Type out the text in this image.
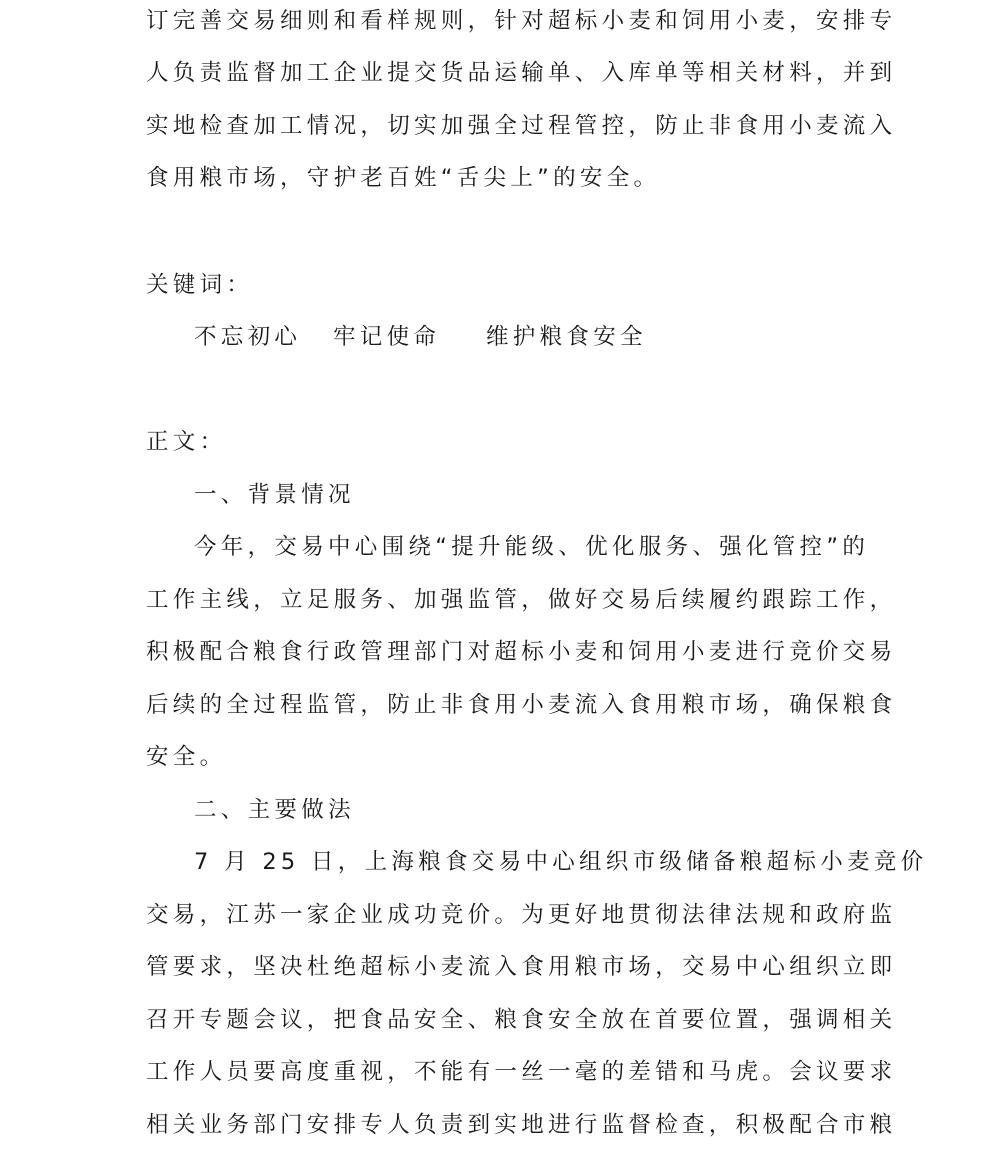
订完善交易细则和看样规则，针对超标小麦和饲用小麦，安排专
人负责监督加工企业提交货品运输单、入库单等相关材料，并到
实地检查加工情况，切实加强全过程管控，防止非食用小麦流入
食用粮市场，守护老百姓“舌尖上”的安全。
关键词：
不忘初心 牢记使命 维护粮食安全
正文：
一、背景情况
今年，交易中心围绕“提升能级、优化服务、强化管控”的
工作主线，立足服务、加强监管，做好交易后续履约跟踪工作，
积极配合粮食行政管理部门对超标小麦和饲用小麦进行竞价交易
后续的全过程监管，防止非食用小麦流入食用粮市场，确保粮食
安全。
二、主要做法
7 月 25 日，上海粮食交易中心组织市级储备粮超标小麦竞价
交易，江苏一家企业成功竞价。为更好地贯彻法律法规和政府监
管要求，坚决杜绝超标小麦流入食用粮市场，交易中心组织立即
召开专题会议，把食品安全、粮食安全放在首要位置，强调相关
工作人员要高度重视，不能有一丝一毫的差错和马虎。会议要求
相关业务部门安排专人负责到实地进行监督检查，积极配合市粮
